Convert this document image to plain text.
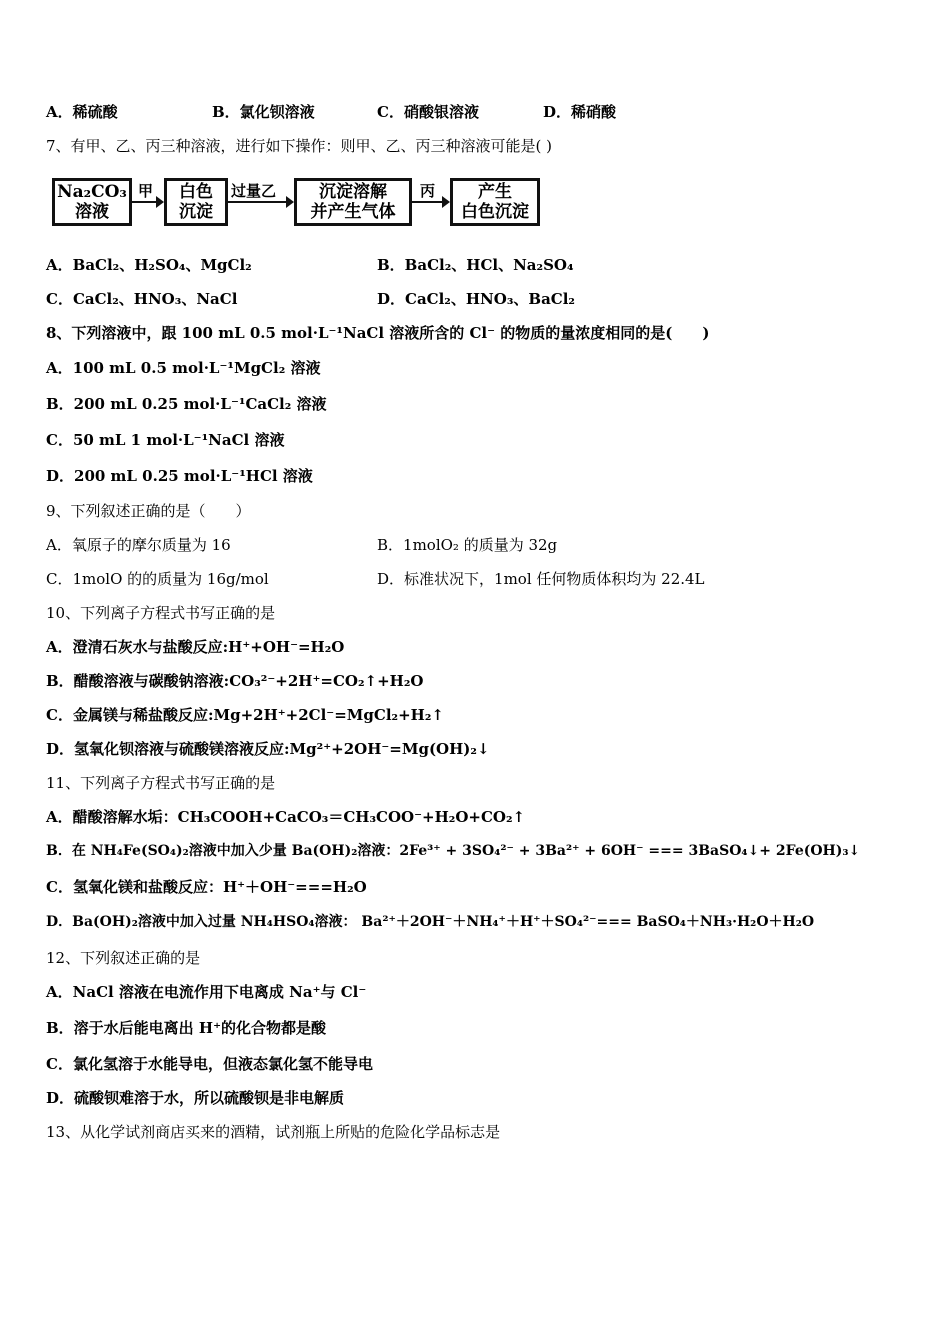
A．稀硫酸	B．氯化钡溶液	C．硝酸银溶液	D．稀硝酸
7、有甲、乙、丙三种溶液，进行如下操作：则甲、乙、丙三种溶液可能是( )
Na₂CO₃
溶液
甲 白色
沉淀
过量乙	沉淀溶解
并产生气体
丙	产生
白色沉淀
A．BaCl₂、H₂SO₄、MgCl₂	B．BaCl₂、HCl、Na₂SO₄
C．CaCl₂、HNO₃、NaCl	D．CaCl₂、HNO₃、BaCl₂
8、下列溶液中，跟 100 mL 0.5 mol·L⁻¹NaCl 溶液所含的 Cl⁻ 的物质的量浓度相同的是(　　)
A．100 mL 0.5 mol·L⁻¹MgCl₂ 溶液
B．200 mL 0.25 mol·L⁻¹CaCl₂ 溶液
C．50 mL 1 mol·L⁻¹NaCl 溶液
D．200 mL 0.25 mol·L⁻¹HCl 溶液
9、下列叙述正确的是（　　）
A．氧原子的摩尔质量为 16	B．1molO₂ 的质量为 32g
C．1molO 的的质量为 16g/mol	D．标准状况下，1mol 任何物质体积均为 22.4L
10、下列离子方程式书写正确的是
A．澄清石灰水与盐酸反应:H⁺+OH⁻=H₂O
B．醋酸溶液与碳酸钠溶液:CO₃²⁻+2H⁺=CO₂↑+H₂O
C．金属镁与稀盐酸反应:Mg+2H⁺+2Cl⁻=MgCl₂+H₂↑
D．氢氧化钡溶液与硫酸镁溶液反应:Mg²⁺+2OH⁻=Mg(OH)₂↓
11、下列离子方程式书写正确的是
A．醋酸溶解水垢：CH₃COOH+CaCO₃＝CH₃COO⁻+H₂O+CO₂↑
B．在 NH₄Fe(SO₄)₂溶液中加入少量 Ba(OH)₂溶液：2Fe³⁺ + 3SO₄²⁻ + 3Ba²⁺ + 6OH⁻ === 3BaSO₄↓+ 2Fe(OH)₃↓
C．氢氧化镁和盐酸反应：H⁺＋OH⁻===H₂O
D．Ba(OH)₂溶液中加入过量 NH₄HSO₄溶液： Ba²⁺＋2OH⁻＋NH₄⁺＋H⁺＋SO₄²⁻=== BaSO₄＋NH₃·H₂O＋H₂O
12、下列叙述正确的是
A．NaCl 溶液在电流作用下电离成 Na⁺与 Cl⁻
B．溶于水后能电离出 H⁺的化合物都是酸
C．氯化氢溶于水能导电，但液态氯化氢不能导电
D．硫酸钡难溶于水，所以硫酸钡是非电解质
13、从化学试剂商店买来的酒精，试剂瓶上所贴的危险化学品标志是
